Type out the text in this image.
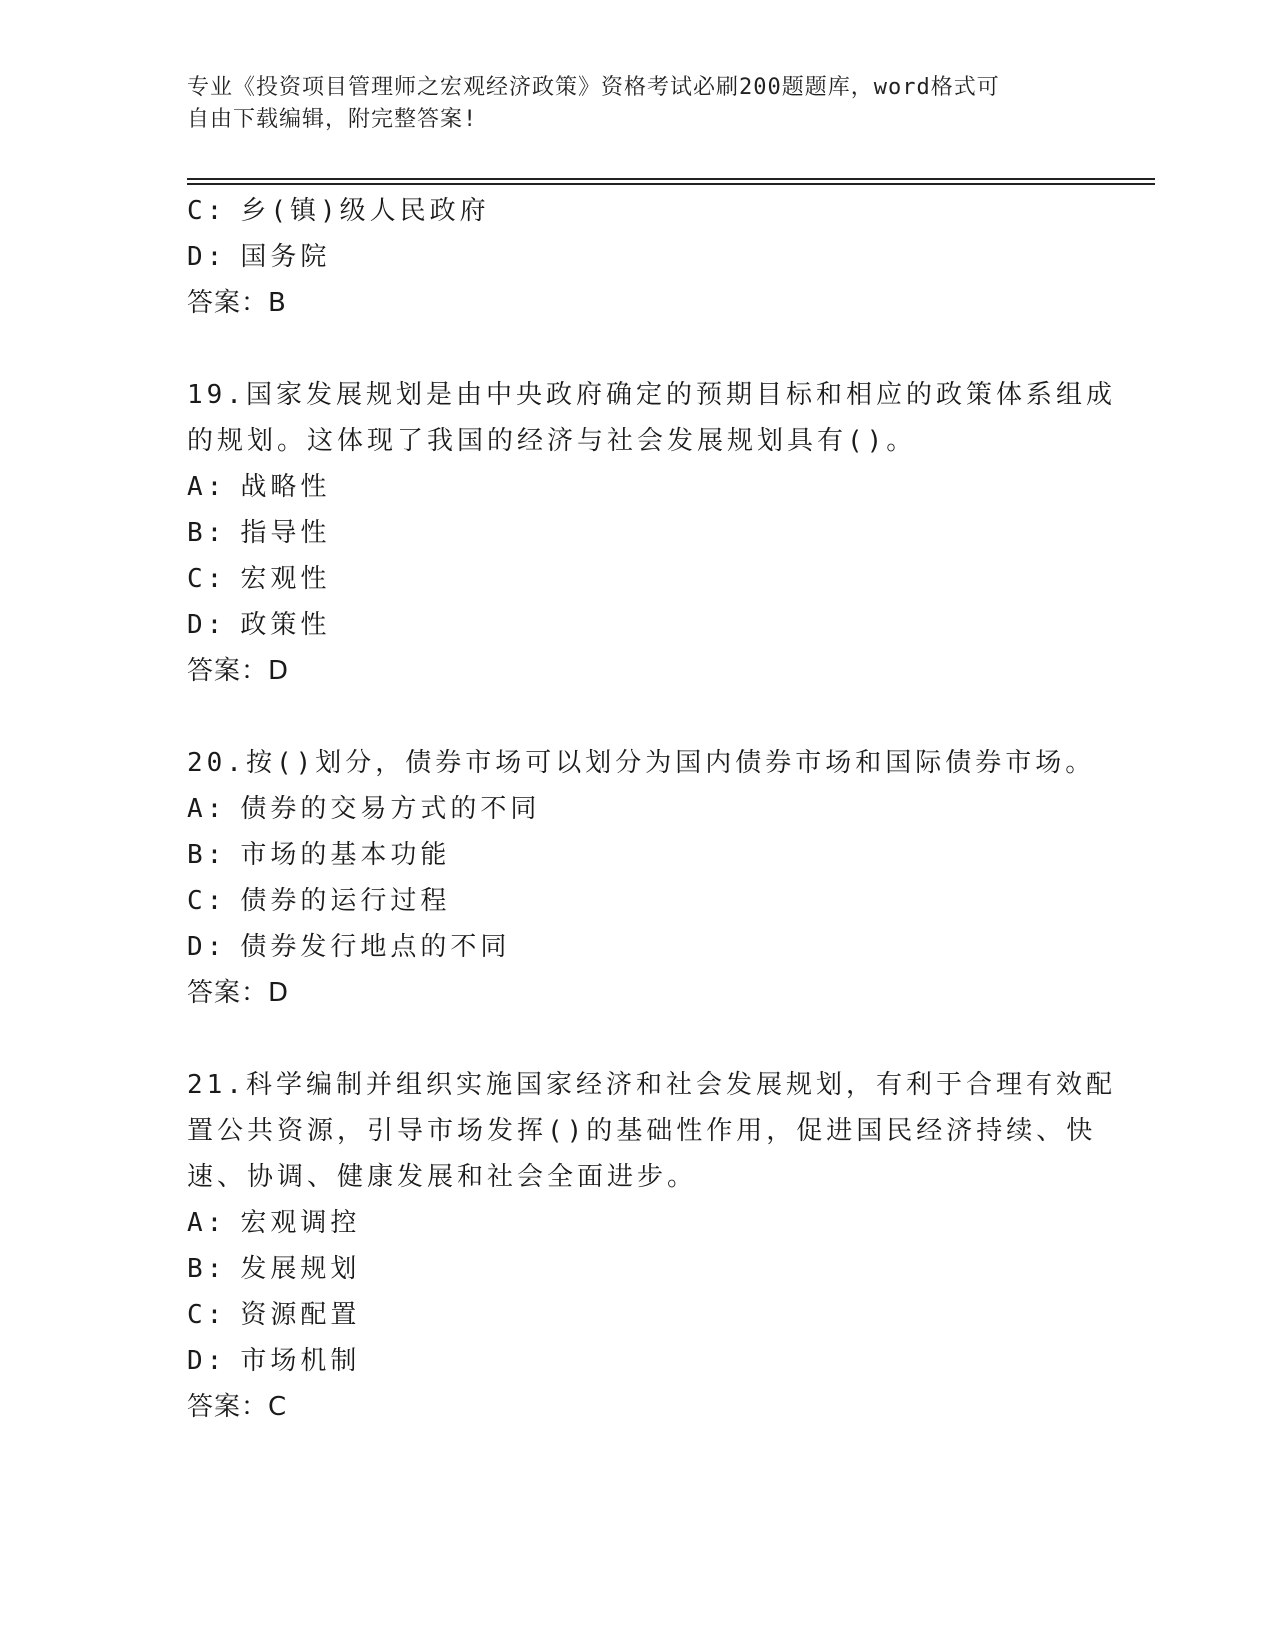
专业《投资项目管理师之宏观经济政策》资格考试必刷200题题库，word格式可
自由下载编辑，附完整答案!
C: 乡(镇)级人民政府
D: 国务院
答案：B
19.国家发展规划是由中央政府确定的预期目标和相应的政策体系组成
的规划。这体现了我国的经济与社会发展规划具有()。
A: 战略性
B: 指导性
C: 宏观性
D: 政策性
答案：D
20.按()划分，债券市场可以划分为国内债券市场和国际债券市场。
A: 债券的交易方式的不同
B: 市场的基本功能
C: 债券的运行过程
D: 债券发行地点的不同
答案：D
21.科学编制并组织实施国家经济和社会发展规划，有利于合理有效配
置公共资源，引导市场发挥()的基础性作用，促进国民经济持续、快
速、协调、健康发展和社会全面进步。
A: 宏观调控
B: 发展规划
C: 资源配置
D: 市场机制
答案：C
